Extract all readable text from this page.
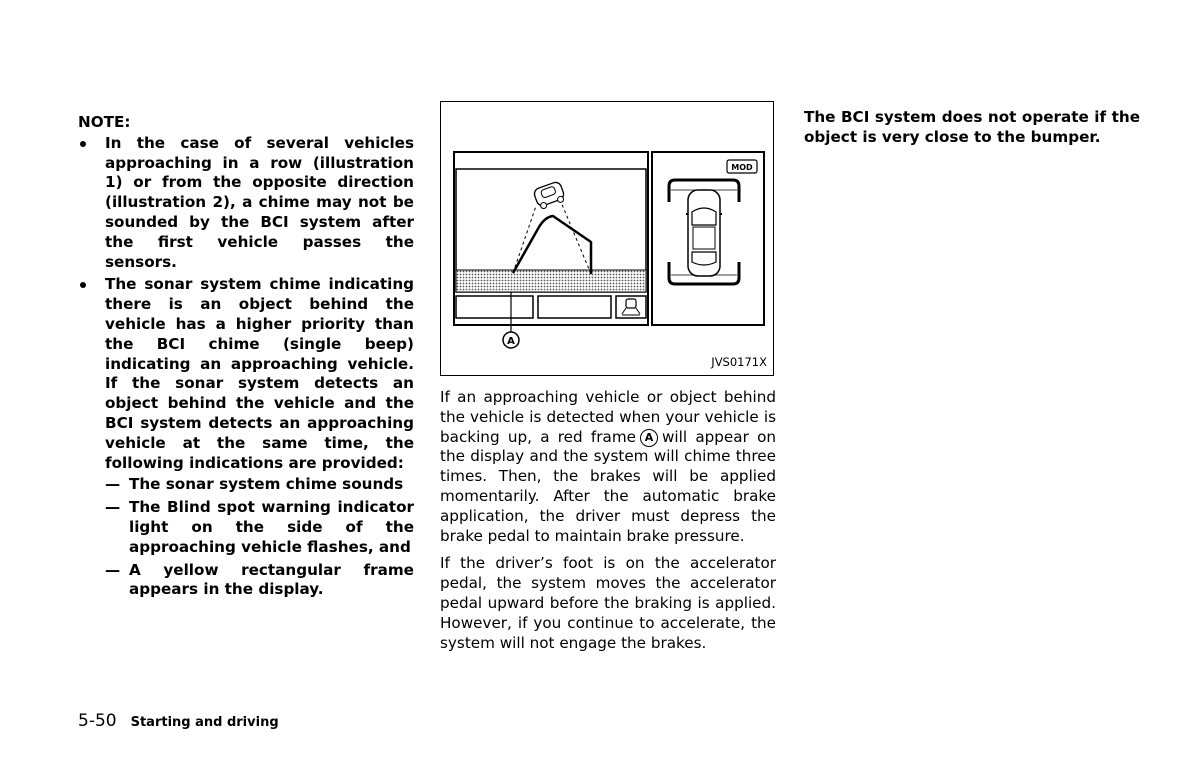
NOTE:
In the case of several vehicles approaching in a row (illustration 1) or from the opposite direction (illustration 2), a chime may not be sounded by the BCI system after the first vehicle passes the sensors.
The sonar system chime indicating there is an object behind the vehicle has a higher priority than the BCI chime (single beep) indicating an approaching vehicle. If the sonar system detects an object behind the vehicle and the BCI system detects an approaching vehicle at the same time, the following indications are provided:
— The sonar system chime sounds
— The Blind spot warning indicator light on the side of the approaching vehicle flashes, and
— A yellow rectangular frame appears in the display.
MOD
A
JVS0171X

If an approaching vehicle or object behind the vehicle is detected when your vehicle is backing up, a red frame A will appear on the display and the system will chime three times. Then, the brakes will be applied momentarily. After the automatic brake application, the driver must depress the brake pedal to maintain brake pressure.

If the driver’s foot is on the accelerator pedal, the system moves the accelerator pedal upward before the braking is applied. However, if you continue to accelerate, the system will not engage the brakes.

The BCI system does not operate if the object is very close to the bumper.

5-50 Starting and driving
